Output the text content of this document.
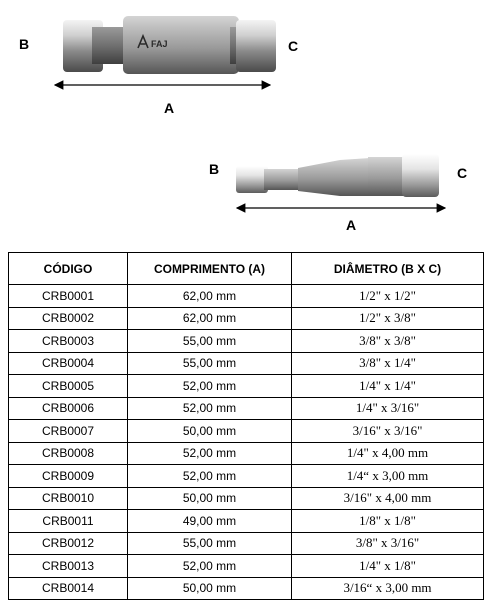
FAJ
B	C
A
B	C
A
CÓDIGO	COMPRIMENTO (A)	DIÂMETRO (B X C)
CRB0001	62,00 mm	1/2" x 1/2"
CRB0002	62,00 mm	1/2" x 3/8"
CRB0003	55,00 mm	3/8" x 3/8"
CRB0004	55,00 mm	3/8" x 1/4"
CRB0005	52,00 mm	1/4" x 1/4"
CRB0006	52,00 mm	1/4" x 3/16"
CRB0007	50,00 mm	3/16" x 3/16"
CRB0008	52,00 mm	1/4" x 4,00 mm
CRB0009	52,00 mm	1/4“ x 3,00 mm
CRB0010	50,00 mm	3/16" x 4,00 mm
CRB0011	49,00 mm	1/8" x 1/8"
CRB0012	55,00 mm	3/8" x 3/16"
CRB0013	52,00 mm	1/4" x 1/8"
CRB0014	50,00 mm	3/16“ x 3,00 mm
